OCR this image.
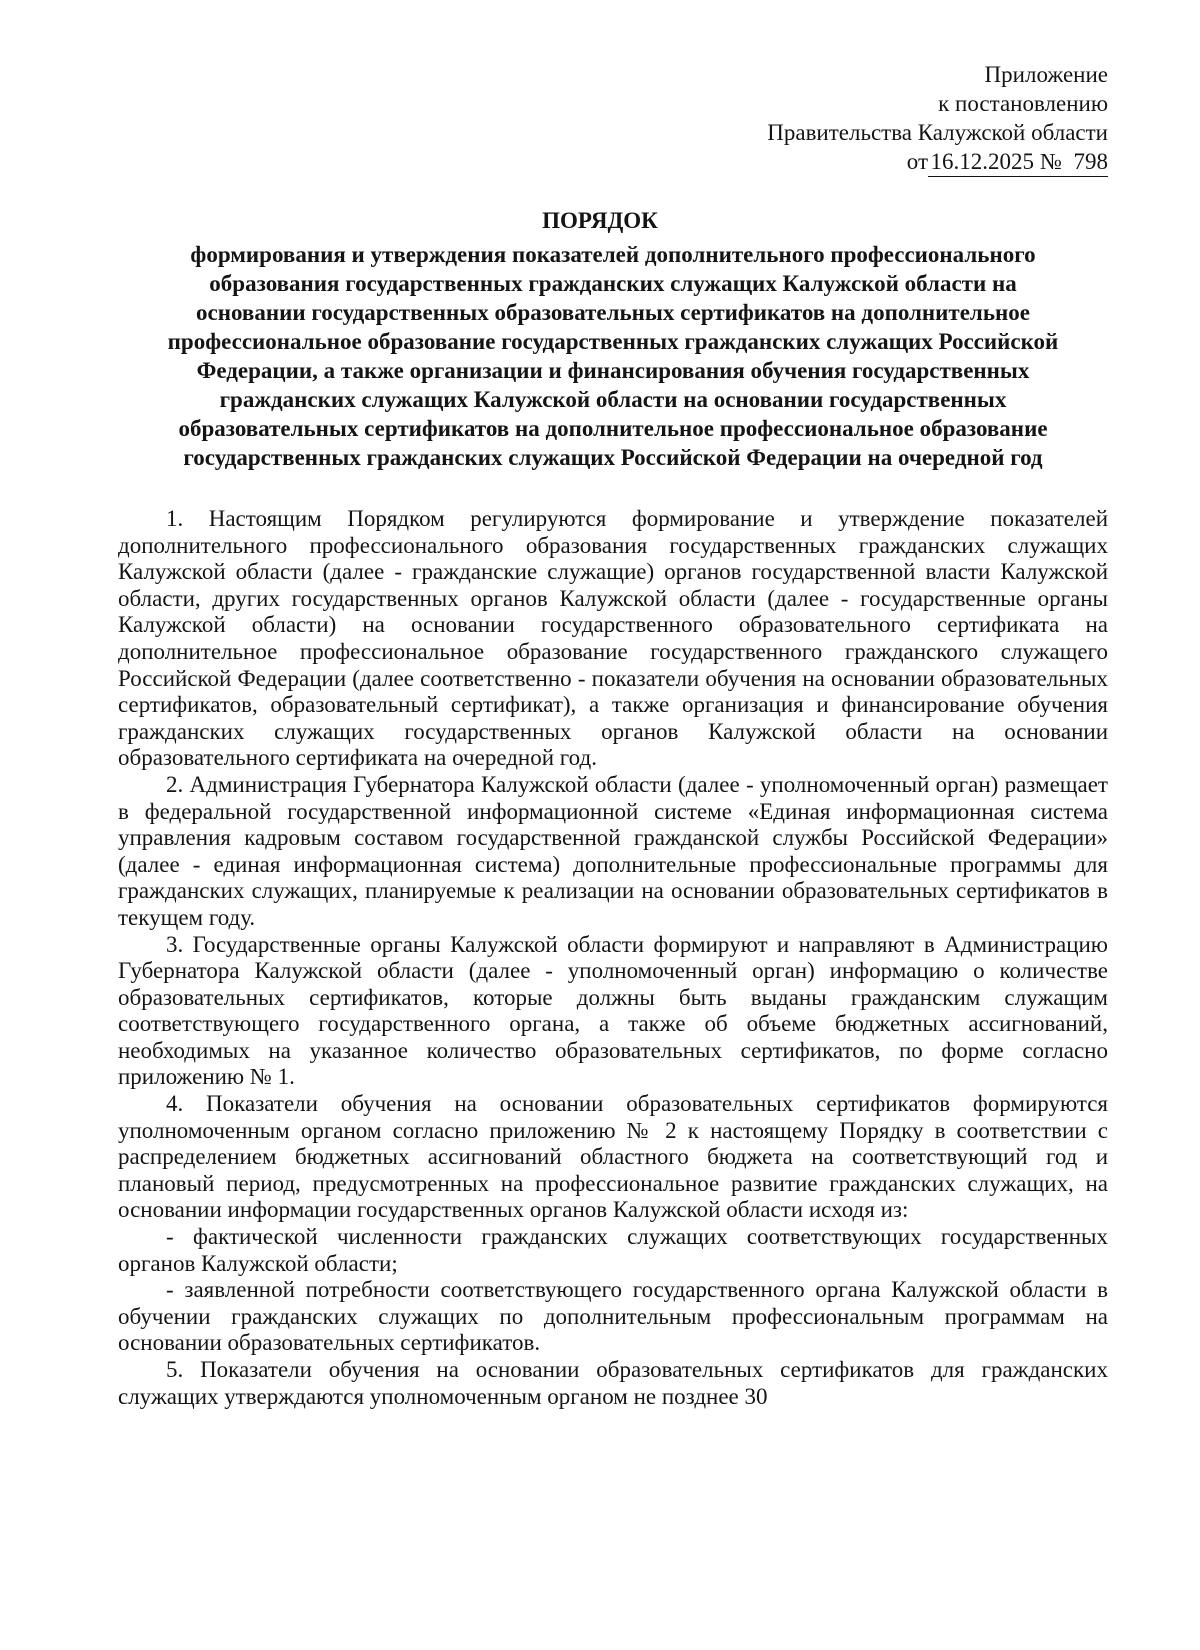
Приложение
к постановлению
Правительства Калужской области
от 16.12.2025 № 798
ПОРЯДОК
формирования и утверждения показателей дополнительного профессионального
образования государственных гражданских служащих Калужской области на
основании государственных образовательных сертификатов на дополнительное
профессиональное образование государственных гражданских служащих Российской
Федерации, а также организации и финансирования обучения государственных
гражданских служащих Калужской области на основании государственных
образовательных сертификатов на дополнительное профессиональное образование
государственных гражданских служащих Российской Федерации на очередной год

1. Настоящим Порядком регулируются формирование и утверждение показателей дополнительного профессионального образования государственных гражданских служащих Калужской области (далее - гражданские служащие) органов государственной власти Калужской области, других государственных органов Калужской области (далее - государственные органы Калужской области) на основании государственного образовательного сертификата на дополнительное профессиональное образование государственного гражданского служащего Российской Федерации (далее соответственно - показатели обучения на основании образовательных сертификатов, образовательный сертификат), а также организация и финансирование обучения гражданских служащих государственных органов Калужской области на основании образовательного сертификата на очередной год.

2. Администрация Губернатора Калужской области (далее - уполномоченный орган) размещает в федеральной государственной информационной системе «Единая информационная система управления кадровым составом государственной гражданской службы Российской Федерации» (далее - единая информационная система) дополнительные профессиональные программы для гражданских служащих, планируемые к реализации на основании образовательных сертификатов в текущем году.

3. Государственные органы Калужской области формируют и направляют в Администрацию Губернатора Калужской области (далее - уполномоченный орган) информацию о количестве образовательных сертификатов, которые должны быть выданы гражданским служащим соответствующего государственного органа, а также об объеме бюджетных ассигнований, необходимых на указанное количество образовательных сертификатов, по форме согласно приложению № 1.

4. Показатели обучения на основании образовательных сертификатов формируются уполномоченным органом согласно приложению № 2 к настоящему Порядку в соответствии с распределением бюджетных ассигнований областного бюджета на соответствующий год и плановый период, предусмотренных на профессиональное развитие гражданских служащих, на основании информации государственных органов Калужской области исходя из:

- фактической численности гражданских служащих соответствующих государственных органов Калужской области;

- заявленной потребности соответствующего государственного органа Калужской области в обучении гражданских служащих по дополнительным профессиональным программам на основании образовательных сертификатов.

5. Показатели обучения на основании образовательных сертификатов для гражданских служащих утверждаются уполномоченным органом не позднее 30
